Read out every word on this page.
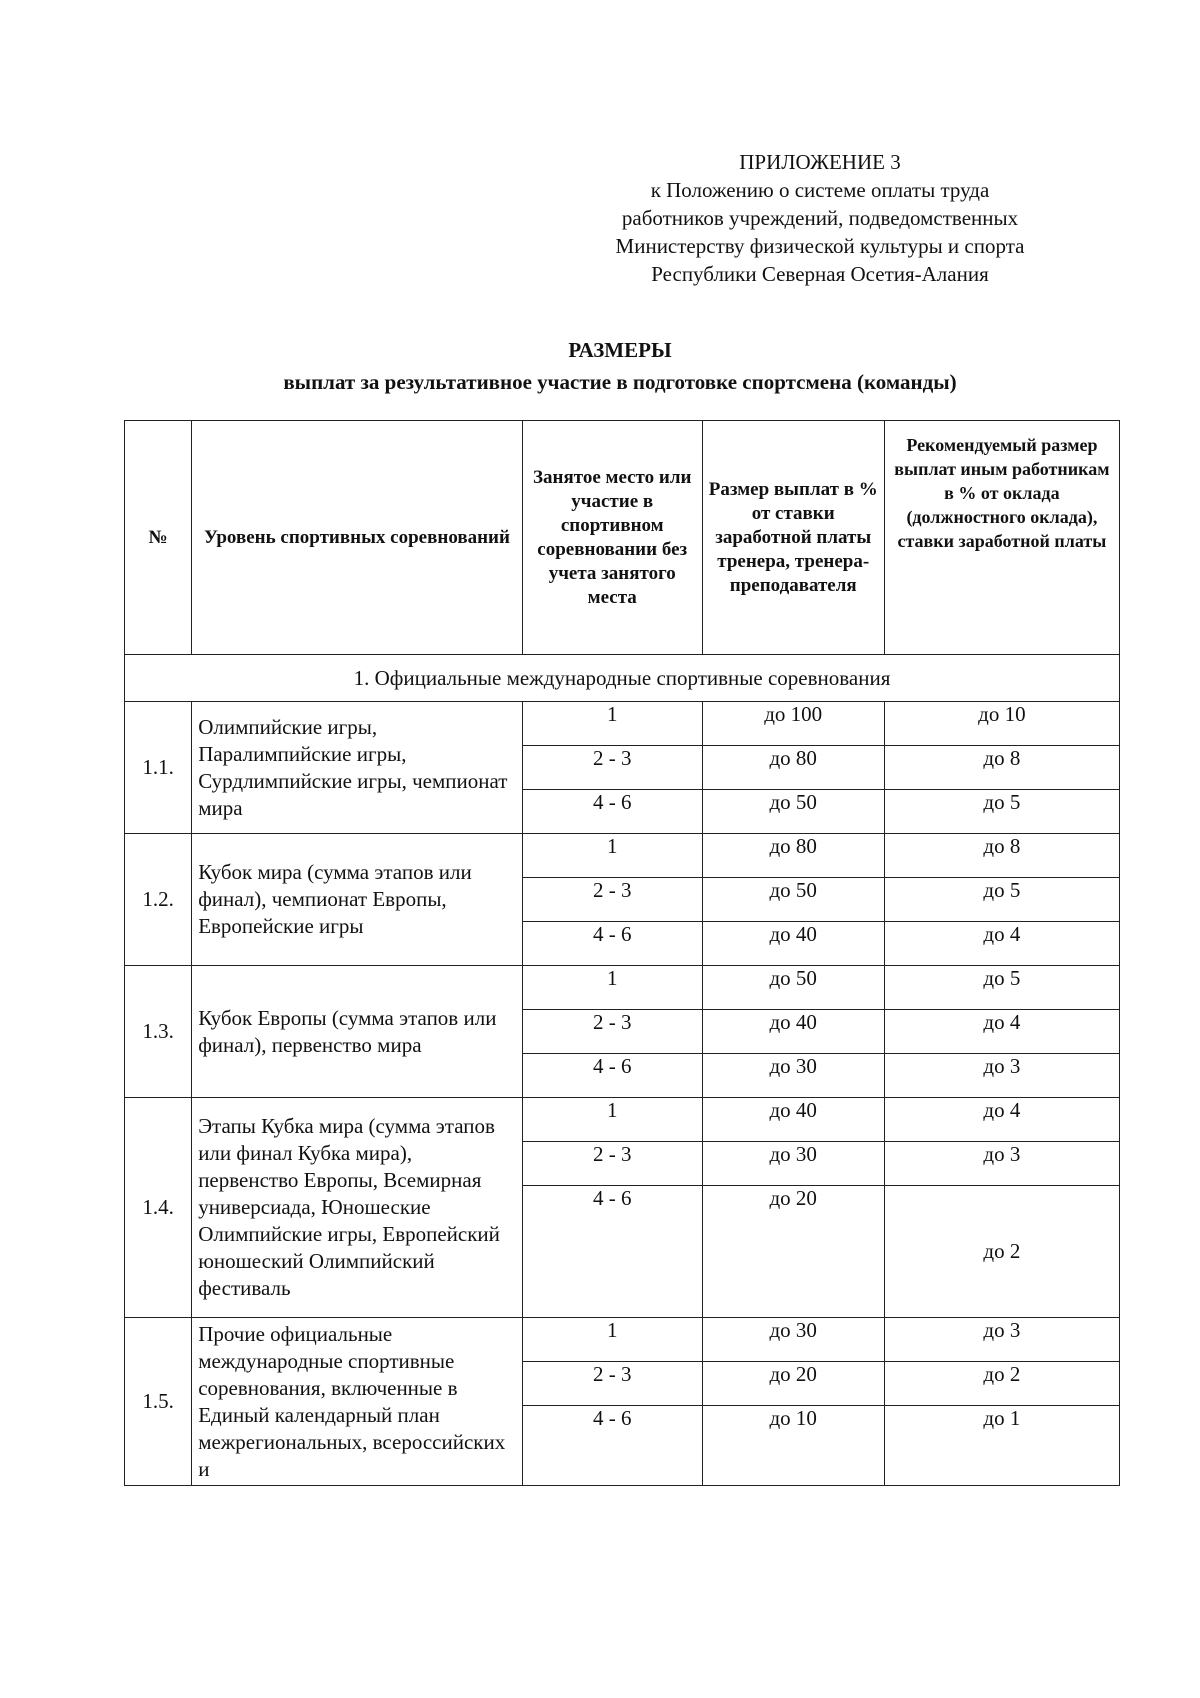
ПРИЛОЖЕНИЕ 3
к Положению о системе оплаты труда
работников учреждений, подведомственных
Министерству физической культуры и спорта
Республики Северная Осетия-Алания
РАЗМЕРЫ
выплат за результативное участие в подготовке спортсмена (команды)
№	Уровень спортивных соревнований	Занятое место или участие в спортивном соревновании без учета занятого места	Размер выплат в % от ставки заработной платы тренера, тренера-преподавателя	Рекомендуемый размер выплат иным работникам в % от оклада (должностного оклада), ставки заработной платы
1. Официальные международные спортивные соревнования				
1.1.	Олимпийские игры, Паралимпийские игры, Сурдлимпийские игры, чемпионат мира	1	до 100	до 10
		2 - 3	до 80	до 8
		4 - 6	до 50	до 5
1.2.	Кубок мира (сумма этапов или финал), чемпионат Европы, Европейские игры	1	до 80	до 8
		2 - 3	до 50	до 5
		4 - 6	до 40	до 4
1.3.	Кубок Европы (сумма этапов или финал), первенство мира	1	до 50	до 5
		2 - 3	до 40	до 4
		4 - 6	до 30	до 3
1.4.	Этапы Кубка мира (сумма этапов или финал Кубка мира), первенство Европы, Всемирная универсиада, Юношеские Олимпийские игры, Европейский юношеский Олимпийский фестиваль	1	до 40	до 4
		2 - 3	до 30	до 3
		4 - 6	до 20	до 2
1.5.	Прочие официальные международные спортивные соревнования, включенные в Единый календарный план межрегиональных, всероссийских и	1	до 30	до 3
		2 - 3	до 20	до 2
		4 - 6	до 10	до 1
